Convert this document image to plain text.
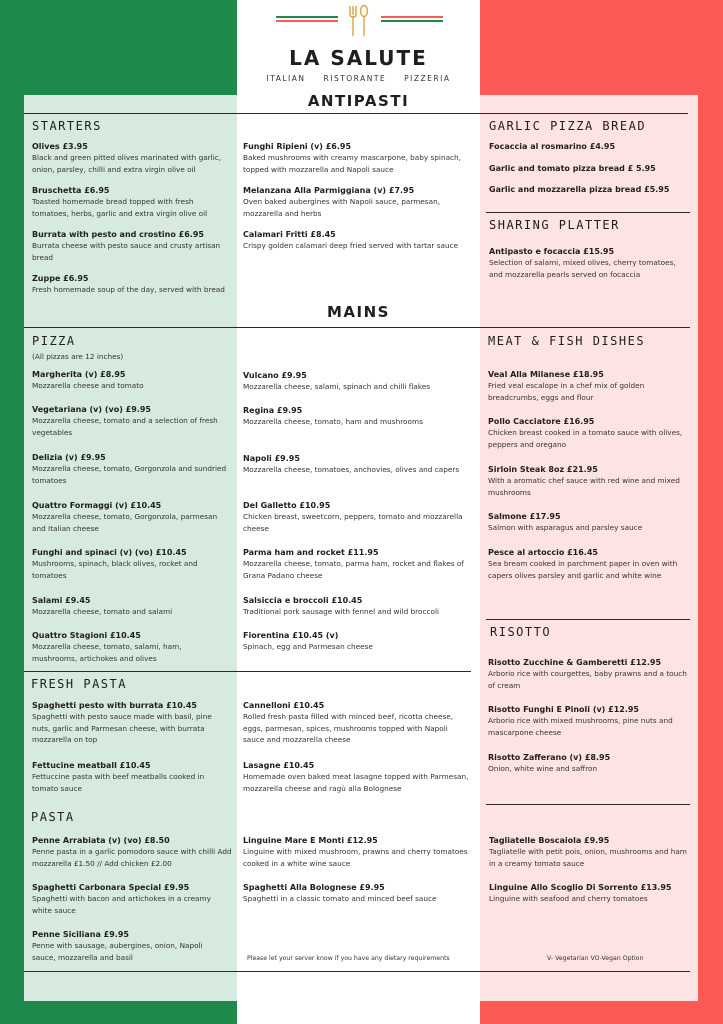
LA SALUTE
ITALIAN RISTORANTE PIZZERIA
ANTIPASTI
MAINS
STARTERS	GARLIC PIZZA BREAD
SHARING PLATTER
PIZZA
(All pizzas are 12 inches)
MEAT & FISH DISHES
FRESH PASTA
RISOTTO
PASTA
Olives £3.95
Black and green pitted olives marinated with garlic, onion, parsley, chilli and extra virgin olive oil
Bruschetta £6.95
Toasted homemade bread topped with fresh tomatoes, herbs, garlic and extra virgin olive oil
Burrata with pesto and crostino £6.95
Burrata cheese with pesto sauce and crusty artisan bread
Zuppe £6.95
Fresh homemade soup of the day, served with bread
Funghi Ripieni (v) £6.95
Baked mushrooms with creamy mascarpone, baby spinach, topped with mozzarella and Napoli sauce
Melanzana Alla Parmiggiana (v) £7.95
Oven baked aubergines with Napoli sauce, parmesan, mozzarella and herbs
Calamari Fritti £8.45
Crispy golden calamari deep fried served with tartar sauce
Focaccia al rosmarino £4.95
Garlic and tomato pizza bread £ 5.95
Garlic and mozzarella pizza bread £5.95
Antipasto e focaccia £15.95
Selection of salami, mixed olives, cherry tomatoes, and mozzarella pearls served on focaccia
Margherita (v) £8.95
Mozzarella cheese and tomato
Vegetariana (v) (vo) £9.95
Mozzarella cheese, tomato and a selection of fresh vegetables
Delizia (v) £9.95
Mozzarella cheese, tomato, Gorgonzola and sundried tomatoes
Quattro Formaggi (v) £10.45
Mozzarella cheese, tomato, Gorgonzola, parmesan and Italian cheese
Funghi and spinaci (v) (vo) £10.45
Mushrooms, spinach, black olives, rocket and tomatoes
Salami £9.45
Mozzarella cheese, tomato and salami
Quattro Stagioni £10.45
Mozzarella cheese, tomato, salami, ham, mushrooms, artichokes and olives
Vulcano £9.95
Mozzarella cheese, salami, spinach and chilli flakes
Regina £9.95
Mozzarella cheese, tomato, ham and mushrooms
Napoli £9.95
Mozzarella cheese, tomatoes, anchovies, olives and capers
Del Galletto £10.95
Chicken breast, sweetcorn, peppers, tomato and mozzarella cheese
Parma ham and rocket £11.95
Mozzarella cheese, tomato, parma ham, rocket and flakes of Grana Padano cheese
Salsiccia e broccoli £10.45
Traditional pork sausage with fennel and wild broccoli
Fiorentina £10.45 (v)
Spinach, egg and Parmesan cheese
Veal Alla Milanese £18.95
Fried veal escalope in a chef mix of golden breadcrumbs, eggs and flour
Pollo Cacciatore £16.95
Chicken breast cooked in a tomato sauce with olives, peppers and oregano
Sirloin Steak 8oz £21.95
With a aromatic chef sauce with red wine and mixed mushrooms
Salmone £17.95
Salmon with asparagus and parsley sauce
Pesce al artoccio £16.45
Sea bream cooked in parchment paper in oven with capers olives parsley and garlic and white wine
Spaghetti pesto with burrata £10.45
Spaghetti with pesto sauce made with basil, pine nuts, garlic and Parmesan cheese, with burrata mozzarella on top
Fettucine meatball £10.45
Fettuccine pasta with beef meatballs cooked in tomato sauce
Cannelloni £10.45
Rolled fresh pasta filled with minced beef, ricotta cheese, eggs, parmesan, spices, mushrooms topped with Napoli sauce and mozzarella cheese
Lasagne £10.45
Homemade oven baked meat lasagne topped with Parmesan, mozzarella cheese and ragù alla Bolognese
Risotto Zucchine & Gamberetti £12.95
Arborio rice with courgettes, baby prawns and a touch of cream
Risotto Funghi E Pinoli (v) £12.95
Arborio rice with mixed mushrooms, pine nuts and mascarpone cheese
Risotto Zafferano (v) £8.95
Onion, white wine and saffron
Penne Arrabiata (v) (vo) £8.50
Penne pasta in a garlic pomodoro sauce with chilli Add mozzarella £1.50 // Add chicken £2.00
Spaghetti Carbonara Special £9.95
Spaghetti with bacon and artichokes in a creamy white sauce
Penne Siciliana £9.95
Penne with sausage, aubergines, onion, Napoli sauce, mozzarella and basil
Linguine Mare E Monti £12.95
Linguine with mixed mushroom, prawns and cherry tomatoes cooked in a white wine sauce
Spaghetti Alla Bolognese £9.95
Spaghetti in a classic tomato and minced beef sauce
Tagliatelle Boscaiola £9.95
Tagliatelle with petit pois, onion, mushrooms and ham in a creamy tomato sauce
Linguine Allo Scoglio Di Sorrento £13.95
Linguine with seafood and cherry tomatoes
Please let your server know if you have any dietary requirements	V- Vegetarian VO-Vegan Option
